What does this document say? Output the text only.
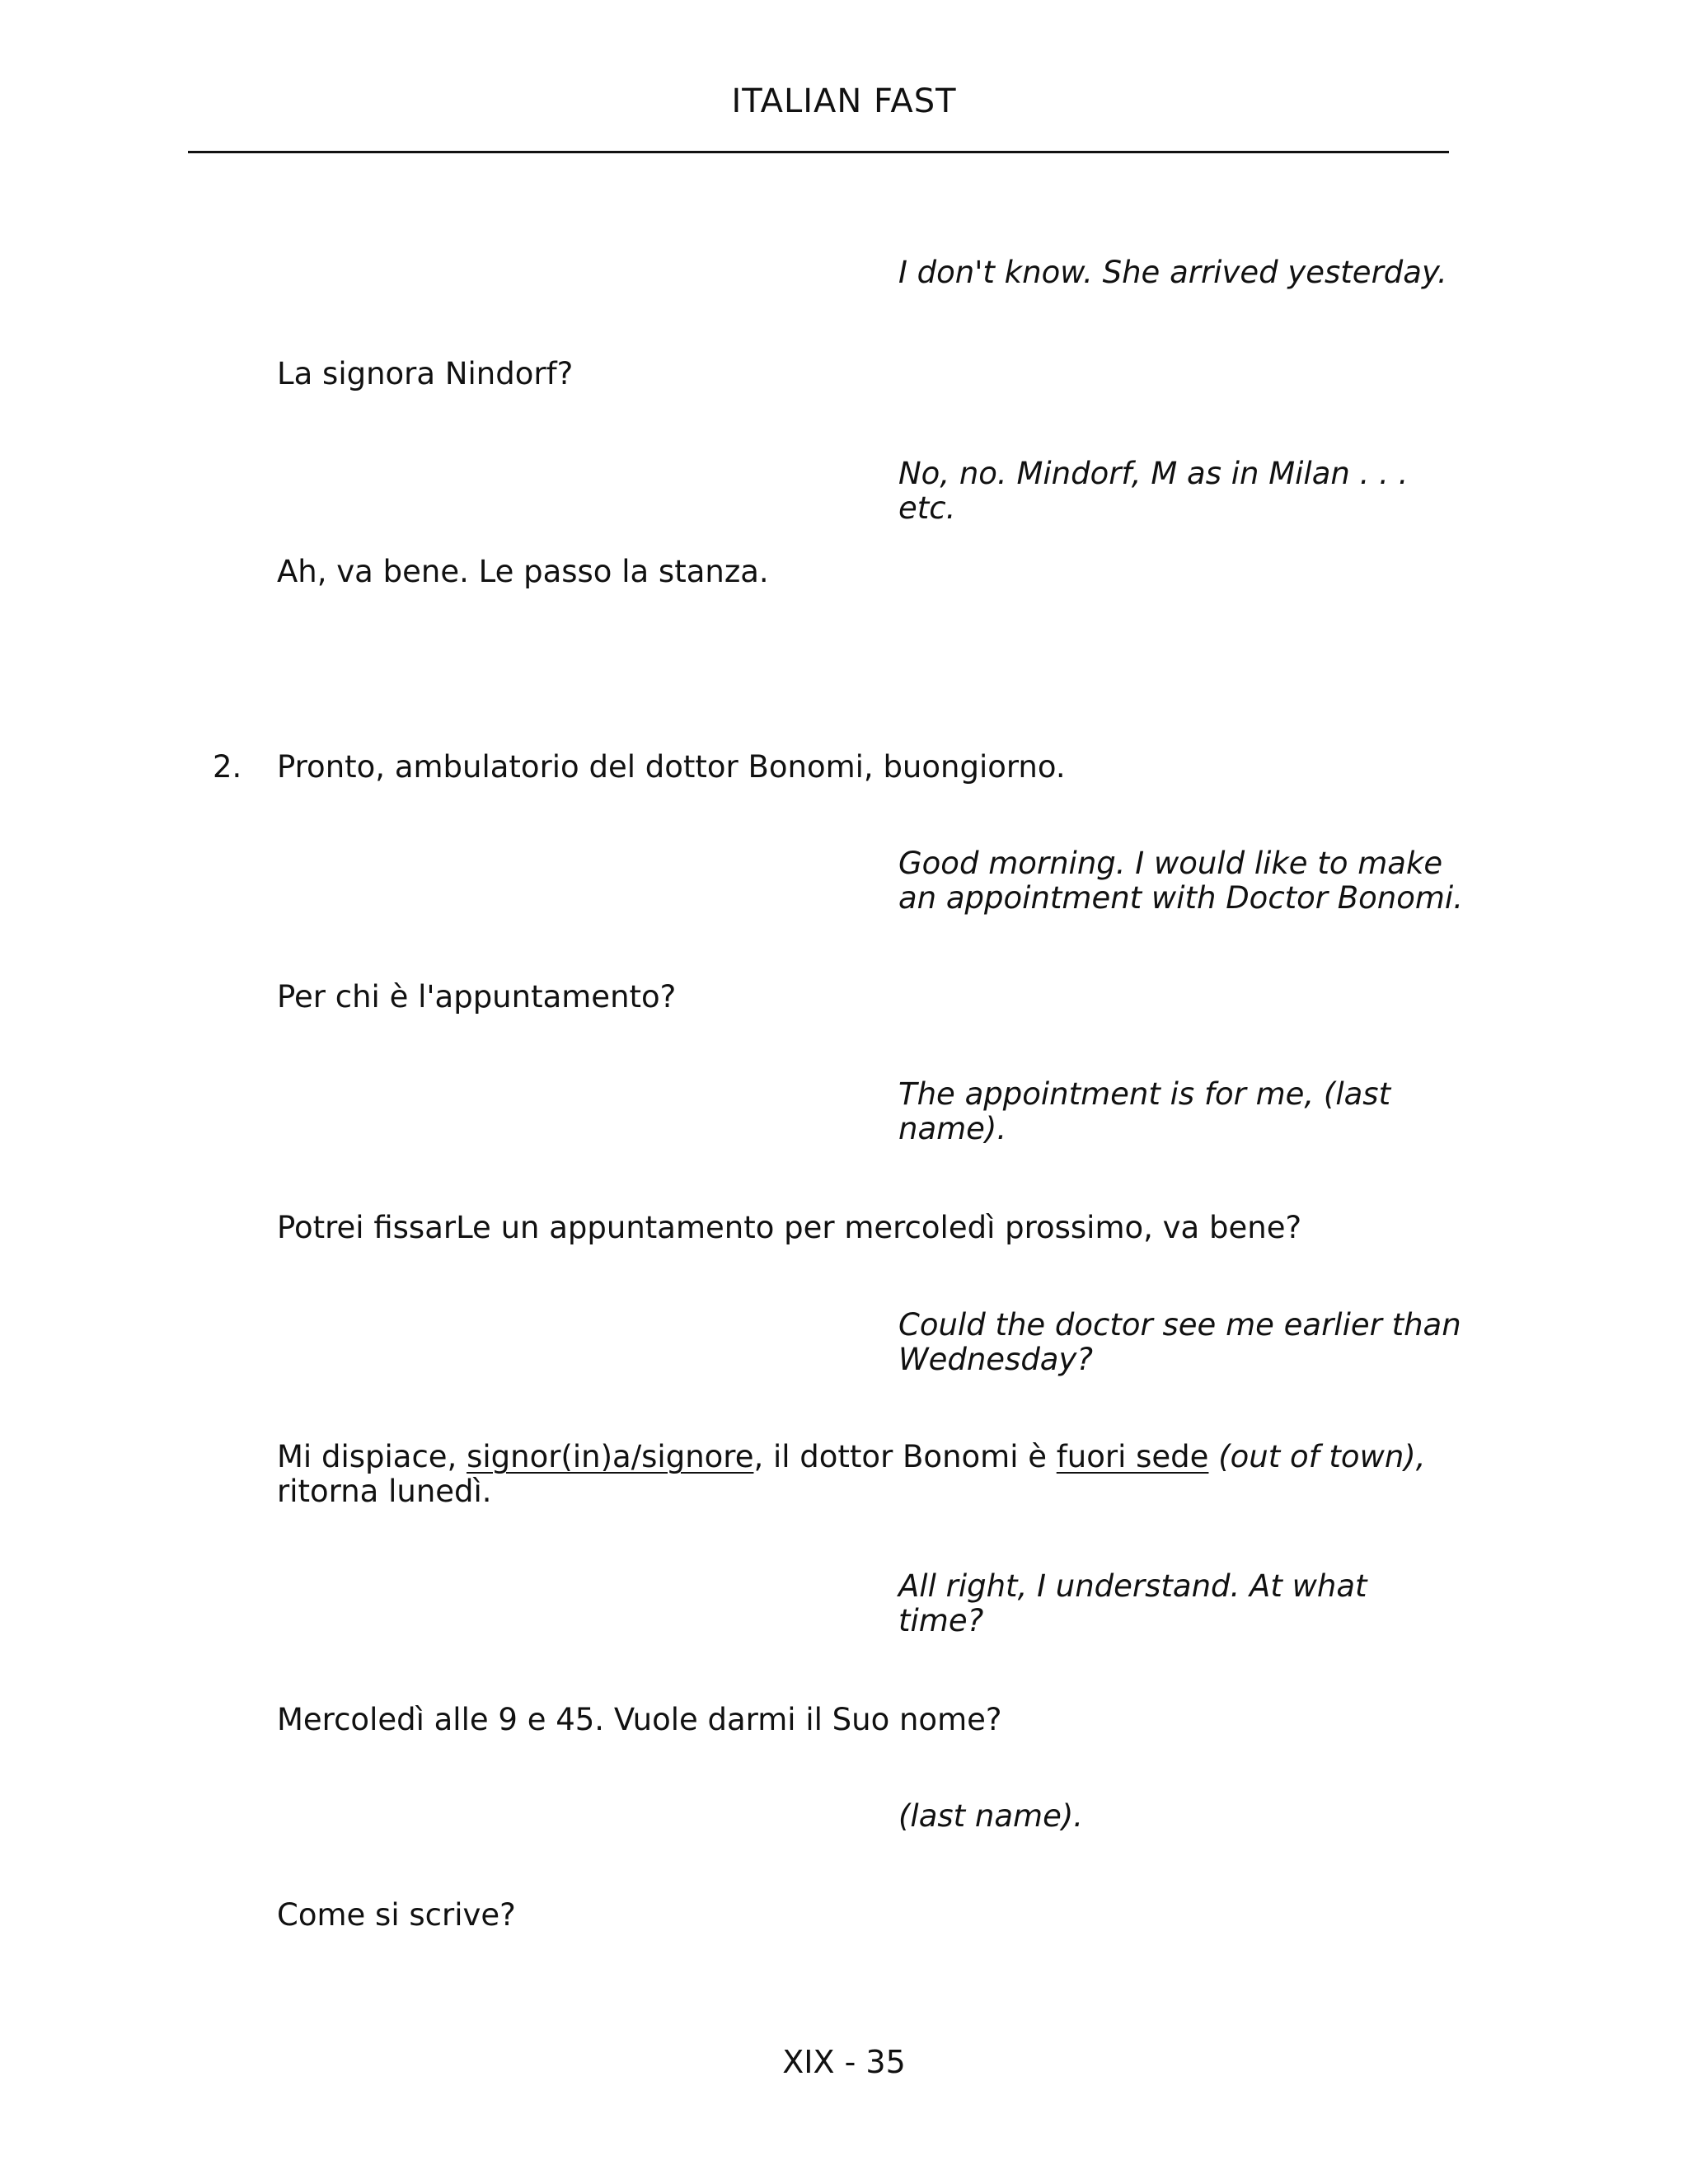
ITALIAN FAST
I don't know. She arrived yesterday.
La signora Nindorf?
No, no. Mindorf, M as in Milan . . .
etc.
Ah, va bene. Le passo la stanza.
2. Pronto, ambulatorio del dottor Bonomi, buongiorno.
Good morning. I would like to make
an appointment with Doctor Bonomi.
Per chi è l'appuntamento?
The appointment is for me, (last
name).
Potrei fissarLe un appuntamento per mercoledì prossimo, va bene?
Could the doctor see me earlier than
Wednesday?
Mi dispiace, signor(in)a/signore, il dottor Bonomi è fuori sede (out of town),
ritorna lunedì.
All right, I understand. At what
time?
Mercoledì alle 9 e 45. Vuole darmi il Suo nome?
(last name).
Come si scrive?
XIX - 35
